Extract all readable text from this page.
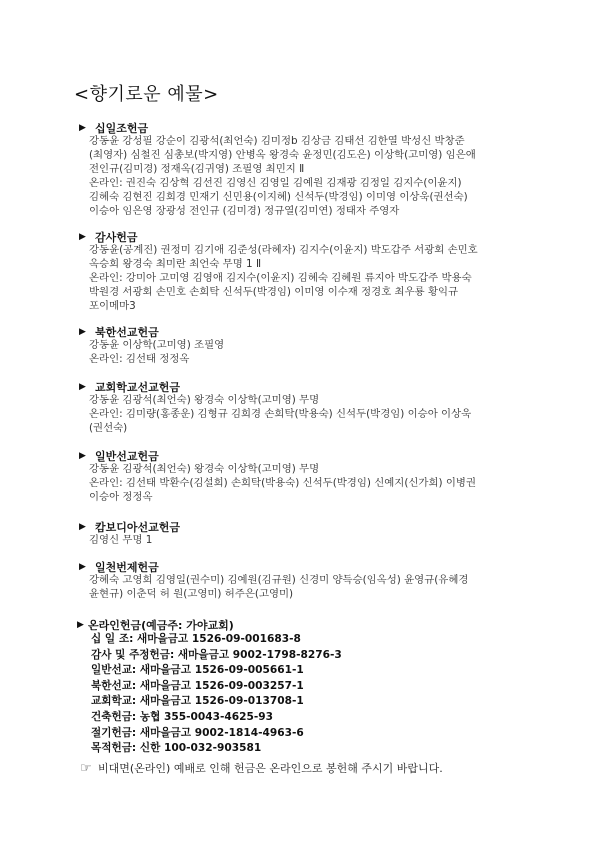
<향기로운 예물>
▶ 십일조헌금
강동윤 강성필 강순이 김광석(최언숙) 김미정b 김상금 김태선 김한열 박성신 박창준
(최영자) 심철진 심총보(박지영) 안병옥 왕경숙 윤정민(김도은) 이상학(고미영) 임은애
전인규(김미경) 정재옥(김귀영) 조필영 최민지 Ⅱ
온라인: 권진숙 김상혁 김선진 김영신 김영일 김예원 김재광 김정일 김지수(이윤지)
김혜숙 김현진 김희경 민재기 신민용(이지혜) 신석두(박경임) 이미영 이상욱(권선숙)
이승아 임은영 장광성 전인규 (김미경) 정규열(김미연) 정태자 주영자
▶ 감사헌금
강동윤(공계진) 권정미 김기애 김준성(라혜자) 김지수(이윤지) 박도갑주 서광회 손민호
옥승희 왕경숙 최미란 최언숙 무명 1 Ⅱ
온라인: 강미아 고미영 김영애 김지수(이윤지) 김혜숙 김혜원 류지아 박도갑주 박용숙
박원경 서광회 손민호 손희탁 신석두(박경임) 이미영 이수재 정경호 최우룡 황익규
포이메마3
▶ 북한선교헌금
강동윤 이상학(고미영) 조필영
온라인: 김선태 정정옥
▶ 교회학교선교헌금
강동윤 김광석(최언숙) 왕경숙 이상학(고미영) 무명
온라인: 김미량(홍종운) 김형규 김희경 손희탁(박용숙) 신석두(박경임) 이승아 이상욱
(권선숙)
▶ 일반선교헌금
강동윤 김광석(최언숙) 왕경숙 이상학(고미영) 무명
온라인: 김선태 박환수(김설희) 손희탁(박용숙) 신석두(박경임) 신예지(신가희) 이병권
이승아 정정옥
▶ 캄보디아선교헌금
김영신 무명 1
▶ 일천번제헌금
강혜숙 고영희 김영일(권수미) 김예원(김규원) 신경미 양득승(임옥성) 윤영규(유혜경
윤현규) 이춘덕 허 원(고영미) 허주은(고영미)
▶ 온라인헌금(예금주: 가야교회)
십 일 조: 새마을금고 1526-09-001683-8
감사 및 주정헌금: 새마을금고 9002-1798-8276-3
일반선교: 새마을금고 1526-09-005661-1
북한선교: 새마을금고 1526-09-003257-1
교회학교: 새마을금고 1526-09-013708-1
건축헌금: 농협 355-0043-4625-93
절기헌금: 새마을금고 9002-1814-4963-6
목적헌금: 신한 100-032-903581
☞ 비대면(온라인) 예배로 인해 헌금은 온라인으로 봉헌해 주시기 바랍니다.
